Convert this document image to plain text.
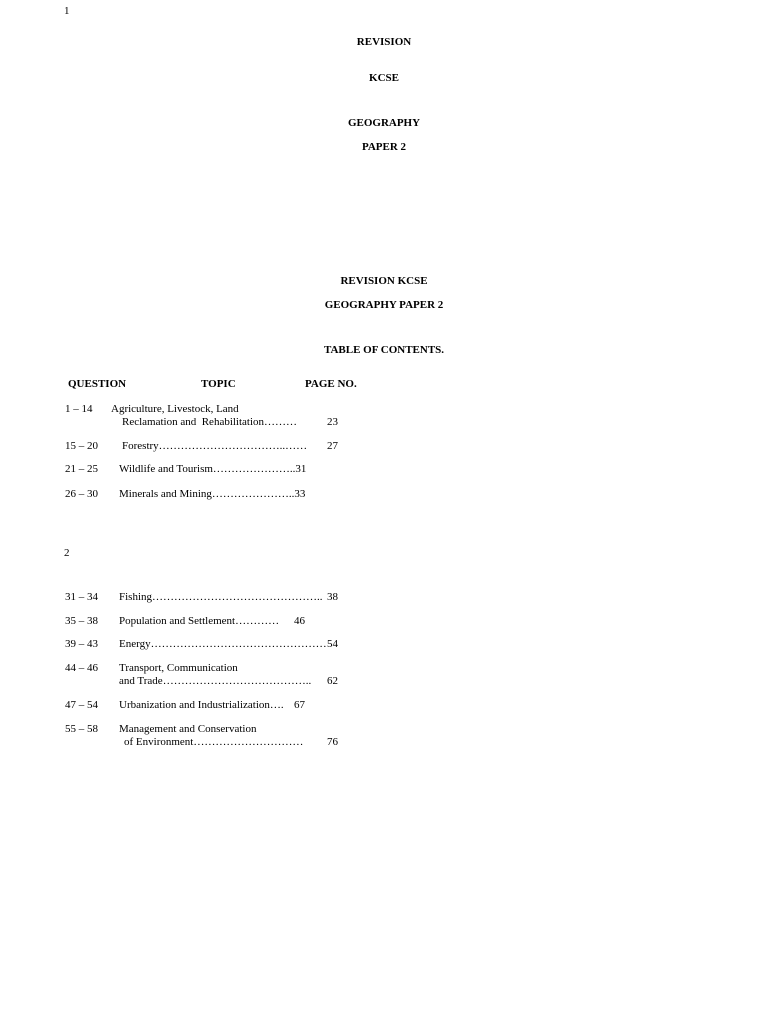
1
REVISION
KCSE
GEOGRAPHY
PAPER 2
REVISION KCSE
GEOGRAPHY PAPER 2
TABLE OF CONTENTS.
QUESTION	TOPIC	PAGE NO.
1 – 14 Agriculture, Livestock, Land
Reclamation and  Rehabilitation………	23
15 – 20 Forestry……………………………..…… 27
21 – 25 Wildlife and Tourism…………………..31
26 – 30 Minerals and Mining…………………..33
2
31 – 34 Fishing……………………………………….. 38
35 – 38 Population and Settlement………… 46
39 – 43 Energy………………………………………… 54
44 – 46 Transport, Communication
and Trade………………………………….. 62
47 – 54 Urbanization and Industrialization…. 67
55 – 58 Management and Conservation
of Environment………………………… 76
